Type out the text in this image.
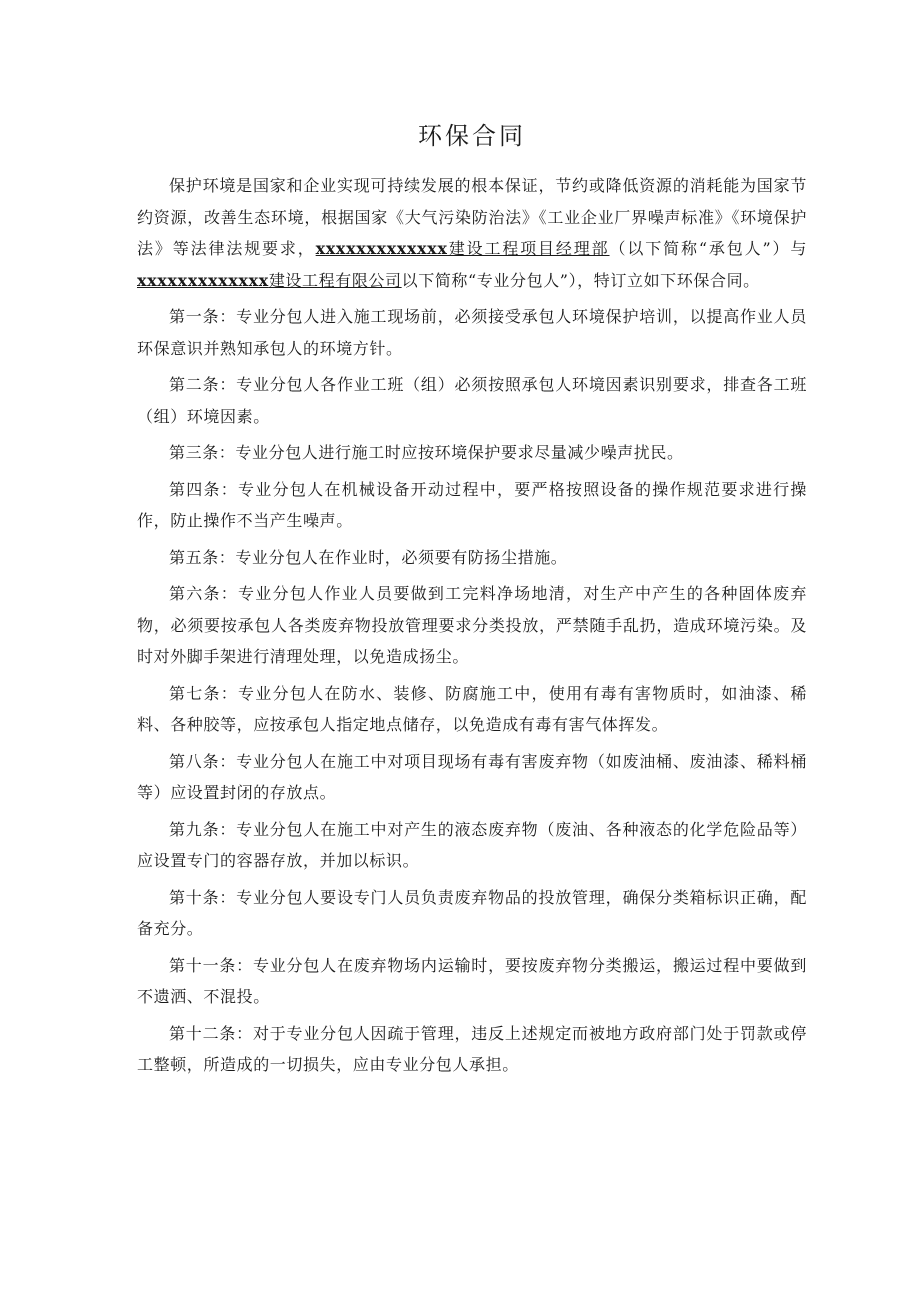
环保合同

保护环境是国家和企业实现可持续发展的根本保证，节约或降低资源的消耗能为国家节约资源，改善生态环境，根据国家《大气污染防治法》《工业企业厂界噪声标准》《环境保护法》等法律法规要求，xxxxxxxxxxxxx建设工程项目经理部（以下简称“承包人”）与xxxxxxxxxxxxx建设工程有限公司以下简称“专业分包人”），特订立如下环保合同。

第一条：专业分包人进入施工现场前，必须接受承包人环境保护培训，以提高作业人员环保意识并熟知承包人的环境方针。

第二条：专业分包人各作业工班（组）必须按照承包人环境因素识别要求，排查各工班（组）环境因素。

第三条：专业分包人进行施工时应按环境保护要求尽量减少噪声扰民。

第四条：专业分包人在机械设备开动过程中，要严格按照设备的操作规范要求进行操作，防止操作不当产生噪声。

第五条：专业分包人在作业时，必须要有防扬尘措施。

第六条：专业分包人作业人员要做到工完料净场地清，对生产中产生的各种固体废弃物，必须要按承包人各类废弃物投放管理要求分类投放，严禁随手乱扔，造成环境污染。及时对外脚手架进行清理处理，以免造成扬尘。

第七条：专业分包人在防水、装修、防腐施工中，使用有毒有害物质时，如油漆、稀料、各种胶等，应按承包人指定地点储存，以免造成有毒有害气体挥发。

第八条：专业分包人在施工中对项目现场有毒有害废弃物（如废油桶、废油漆、稀料桶等）应设置封闭的存放点。

第九条：专业分包人在施工中对产生的液态废弃物（废油、各种液态的化学危险品等）应设置专门的容器存放，并加以标识。

第十条：专业分包人要设专门人员负责废弃物品的投放管理，确保分类箱标识正确，配备充分。

第十一条：专业分包人在废弃物场内运输时，要按废弃物分类搬运，搬运过程中要做到不遗洒、不混投。

第十二条：对于专业分包人因疏于管理，违反上述规定而被地方政府部门处于罚款或停工整顿，所造成的一切损失，应由专业分包人承担。
